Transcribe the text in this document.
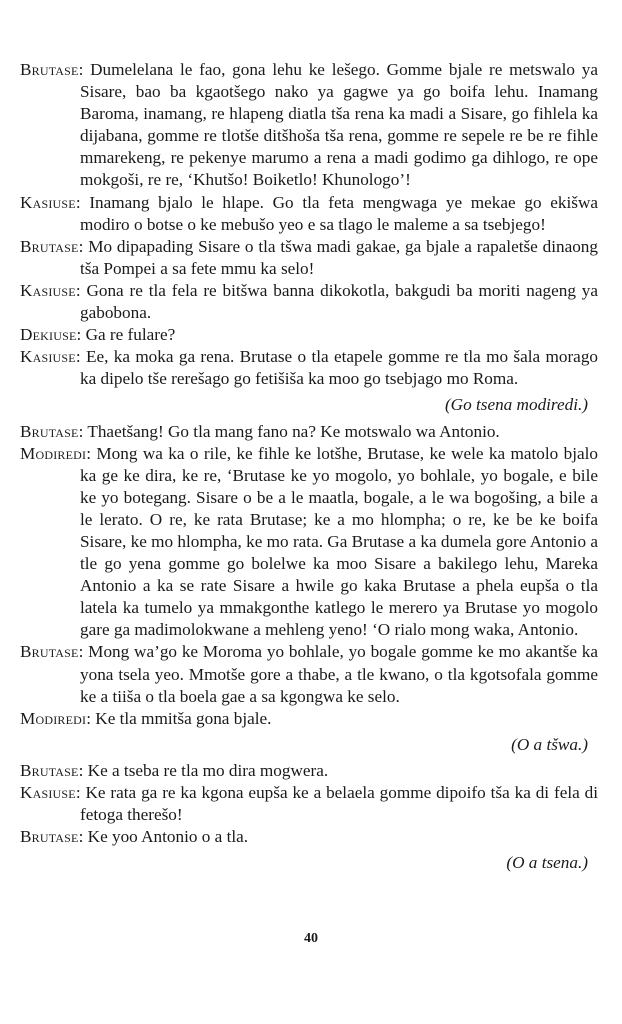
Brutase: Dumelelana le fao, gona lehu ke lešego. Gomme bjale re metswalo ya Sisare, bao ba kgaotšego nako ya gagwe ya go boifa lehu. Inamang Baroma, inamang, re hlapeng diatla tša rena ka madi a Sisare, go fihlela ka dijabana, gomme re tlotše ditšhoša tša rena, gomme re sepele re be re fihle mmarekeng, re pekenye marumo a rena a madi godimo ga dihlogo, re ope mokgoši, re re, ‘Khutšo! Boiketlo! Khunologo’!

Kasiuse: Inamang bjalo le hlape. Go tla feta mengwaga ye mekae go ekišwa modiro o botse o ke mebušo yeo e sa tlago le maleme a sa tsebjego!

Brutase: Mo dipapading Sisare o tla tšwa madi gakae, ga bjale a rapaletše dinaong tša Pompei a sa fete mmu ka selo!

Kasiuse: Gona re tla fela re bitšwa banna dikokotla, bakgudi ba moriti nageng ya gabobona.

Dekiuse: Ga re fulare?

Kasiuse: Ee, ka moka ga rena. Brutase o tla etapele gomme re tla mo šala morago ka dipelo tše rerešago go fetišiša ka moo go tsebjago mo Roma.

(Go tsena modiredi.)

Brutase: Thaetšang! Go tla mang fano na? Ke motswalo wa Antonio.

Modiredi: Mong wa ka o rile, ke fihle ke lotšhe, Brutase, ke wele ka matolo bjalo ka ge ke dira, ke re, ‘Brutase ke yo mogolo, yo bohlale, yo bogale, e bile ke yo botegang. Sisare o be a le maatla, bogale, a le wa bogošing, a bile a le lerato. O re, ke rata Brutase; ke a mo hlompha; o re, ke be ke boifa Sisare, ke mo hlompha, ke mo rata. Ga Brutase a ka dumela gore Antonio a tle go yena gomme go bolelwe ka moo Sisare a bakilego lehu, Mareka Antonio a ka se rate Sisare a hwile go kaka Brutase a phela eupša o tla latela ka tumelo ya mmakgonthe katlego le merero ya Brutase yo mogolo gare ga madimolokwane a mehleng yeno! ‘O rialo mong waka, Antonio.

Brutase: Mong wa’go ke Moroma yo bohlale, yo bogale gomme ke mo akantše ka yona tsela yeo. Mmotše gore a thabe, a tle kwano, o tla kgotsofala gomme ke a tiiša o tla boela gae a sa kgongwa ke selo.

Modiredi: Ke tla mmitša gona bjale.

(O a tšwa.)

Brutase: Ke a tseba re tla mo dira mogwera.

Kasiuse: Ke rata ga re ka kgona eupša ke a belaela gomme dipoifo tša ka di fela di fetoga therešo!

Brutase: Ke yoo Antonio o a tla.

(O a tsena.)

40
